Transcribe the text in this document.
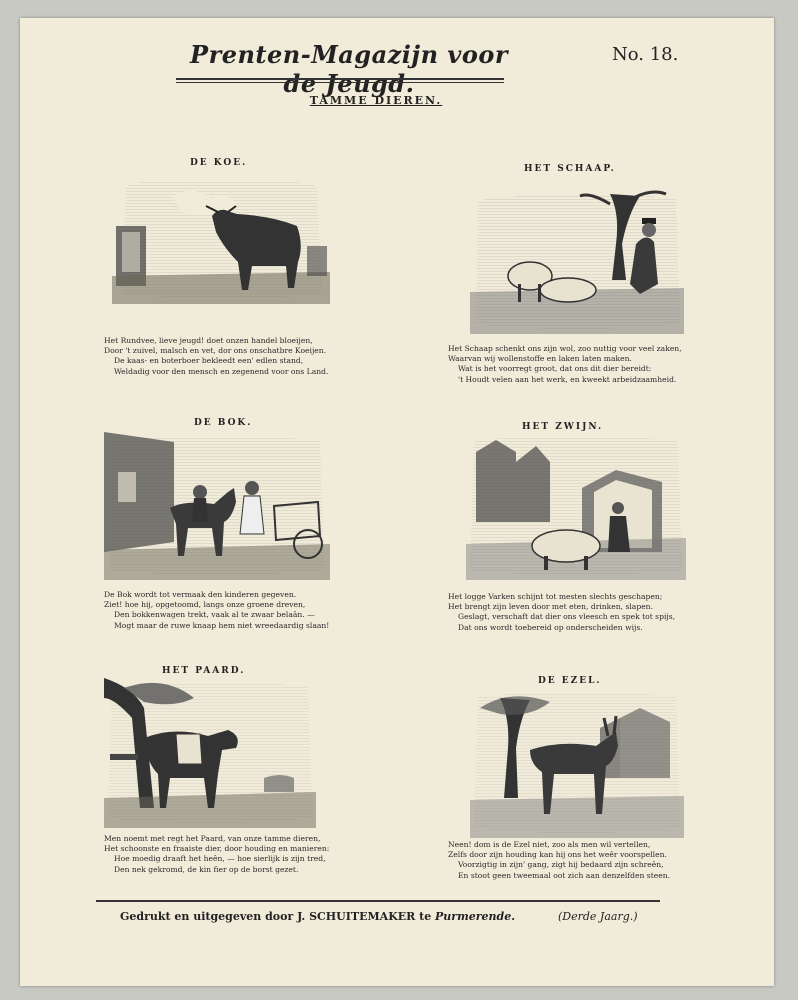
Prenten-Magazijn voor de Jeugd.
No. 18.
TAMME DIEREN.
DE KOE.
Het Rundvee, lieve jeugd! doet onzen handel bloeijen,
Door 't zuivel, malsch en vet, dor ons onschatbre Koeijen.
De kaas- en boterboer bekleedt een' edlen stand,
Weldadig voor den mensch en zegenend voor ons Land.
HET SCHAAP.
Het Schaap schenkt ons zijn wol, zoo nuttig voor veel zaken,
Waarvan wij wollenstoffe en laken laten maken.
Wat is het voorregt groot, dat ons dit dier bereidt:
't Houdt velen aan het werk, en kweekt arbeidzaamheid.
DE BOK.
De Bok wordt tot vermaak den kinderen gegeven.
Ziet! hoe hij, opgetoomd, langs onze groene dreven,
Den bokkenwagen trekt, vaak al te zwaar belaân. —
Mogt maar de ruwe knaap hem niet wreedaardig slaan!
HET ZWIJN.
Het logge Varken schijnt tot mesten slechts geschapen;
Het brengt zijn leven door met eten, drinken, slapen.
Geslagt, verschaft dat dier ons vleesch en spek tot spijs,
Dat ons wordt toebereid op onderscheiden wijs.
HET PAARD.
Men noemt met regt het Paard, van onze tamme dieren,
Het schoonste en fraaiste dier, door houding en manieren:
Hoe moedig draaft het heên, — hoe sierlijk is zijn tred,
Den nek gekromd, de kin fier op de borst gezet.
DE EZEL.
Neen! dom is de Ezel niet, zoo als men wil vertellen,
Zelfs door zijn houding kan hij ons het weêr voorspellen.
Voorzigtig in zijn' gang, zigt hij bedaard zijn schreên,
En stoot geen tweemaal oot zich aan denzelfden steen.
Gedrukt en uitgegeven door J. SCHUITEMAKER te Purmerende.	(Derde Jaarg.)
